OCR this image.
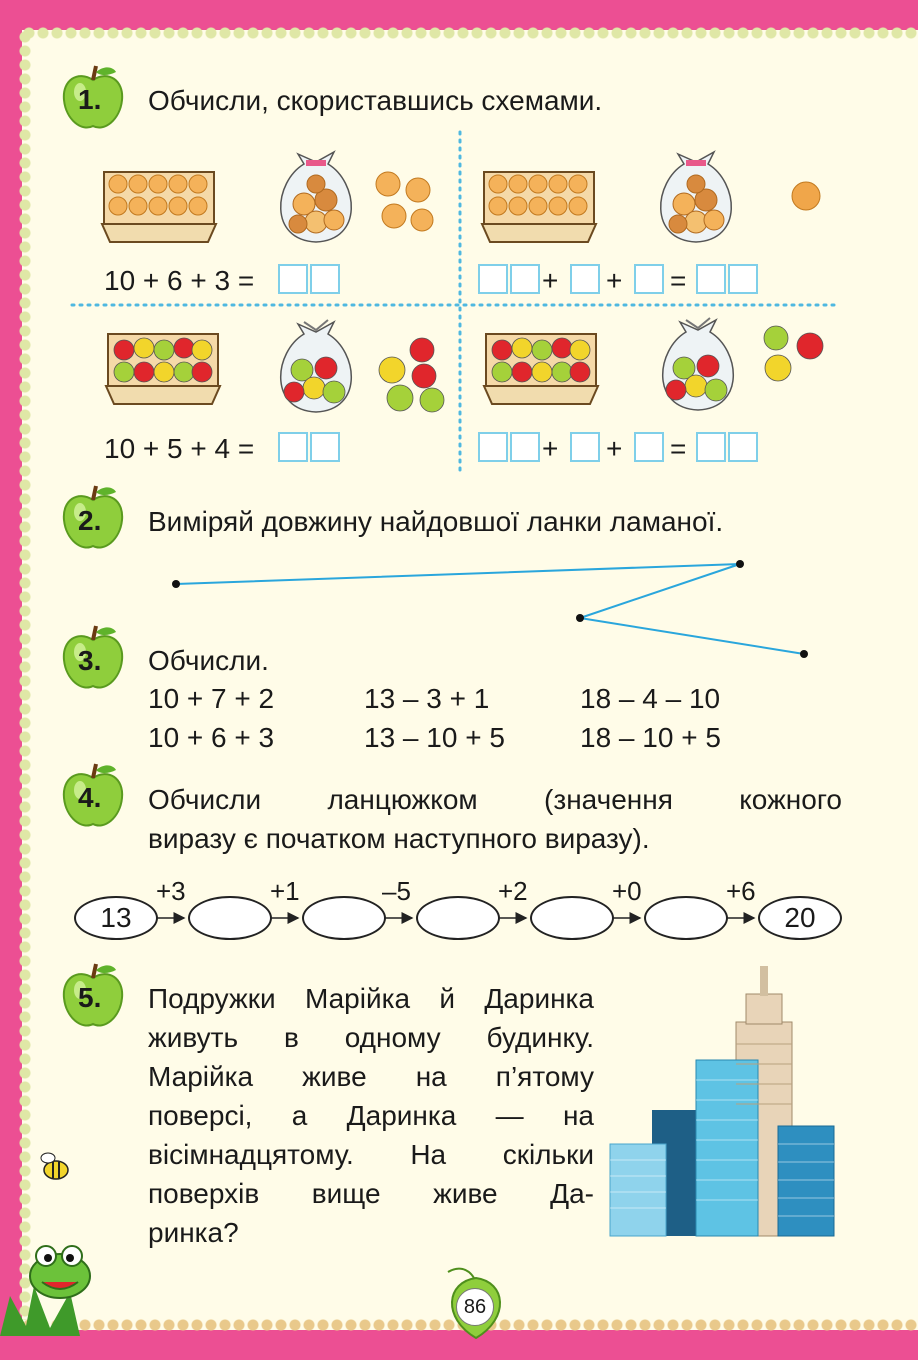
1.
2.
3.
4.
5.
Обчисли, скориставшись схемами.
10 + 6 + 3 =	+ + =
10 + 5 + 4 =	+ + =
Виміряй довжину найдовшої ланки ламаної.
Обчисли.
10 + 7 + 2	13 – 3 + 1	18 – 4 – 10
10 + 6 + 3	13 – 10 + 5	18 – 10 + 5
Обчисли ланцюжком (значення кожного
виразу є початком наступного виразу).
13	20
+3	+1	–5	+2	+0	+6
Подружки Марійка й Даринка
живуть в одному будинку.
Марійка живе на п’ятому
поверсі, а Даринка — на
вісімнадцятому. На скільки
поверхів вище живе Да-
ринка?
86
